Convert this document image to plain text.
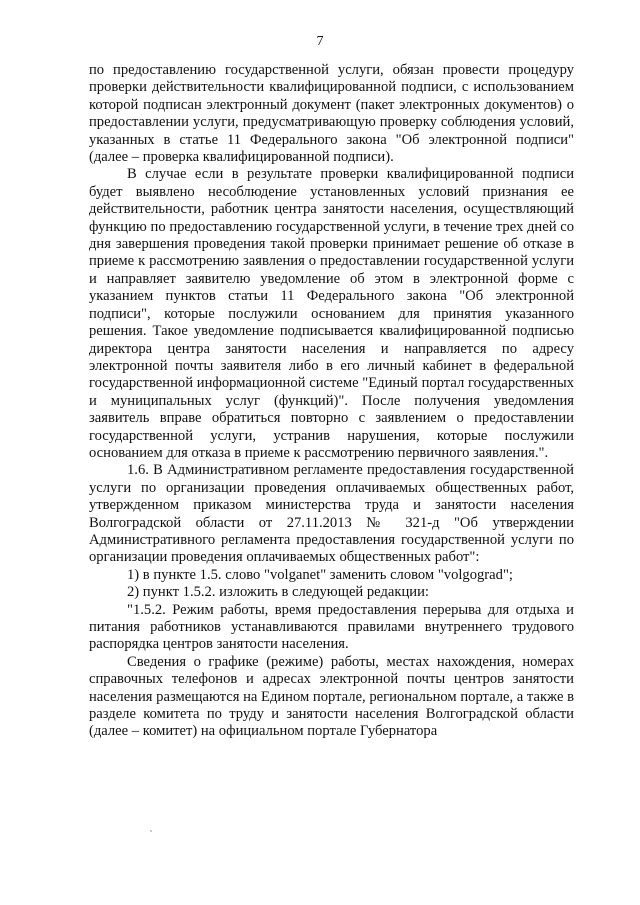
7

по предоставлению государственной услуги, обязан провести процедуру проверки действительности квалифицированной подписи, с использованием которой подписан электронный документ (пакет электронных документов) о предоставлении услуги, предусматривающую проверку соблюдения условий, указанных в статье 11 Федерального закона "Об электронной подписи" (далее – проверка квалифицированной подписи).

В случае если в результате проверки квалифицированной подписи будет выявлено несоблюдение установленных условий признания ее действительности, работник центра занятости населения, осуществляющий функцию по предоставлению государственной услуги, в течение трех дней со дня завершения проведения такой проверки принимает решение об отказе в приеме к рассмотрению заявления о предоставлении государственной услуги и направляет заявителю уведомление об этом в электронной форме с указанием пунктов статьи 11 Федерального закона "Об электронной подписи", которые послужили основанием для принятия указанного решения. Такое уведомление подписывается квалифицированной подписью директора центра занятости населения и направляется по адресу электронной почты заявителя либо в его личный кабинет в федеральной государственной информационной системе "Единый портал государственных и муниципальных услуг (функций)". После получения уведомления заявитель вправе обратиться повторно с заявлением о предоставлении государственной услуги, устранив нарушения, которые послужили основанием для отказа в приеме к рассмотрению первичного заявления.".

1.6. В Административном регламенте предоставления государственной услуги по организации проведения оплачиваемых общественных работ, утвержденном приказом министерства труда и занятости населения Волгоградской области от 27.11.2013 № 321-д "Об утверждении Административного регламента предоставления государственной услуги по организации проведения оплачиваемых общественных работ":

1) в пункте 1.5. слово "volganet" заменить словом "volgograd";

2) пункт 1.5.2. изложить в следующей редакции:

"1.5.2. Режим работы, время предоставления перерыва для отдыха и питания работников устанавливаются правилами внутреннего трудового распорядка центров занятости населения.

Сведения о графике (режиме) работы, местах нахождения, номерах справочных телефонов и адресах электронной почты центров занятости населения размещаются на Едином портале, региональном портале, а также в разделе комитета по труду и занятости населения Волгоградской области (далее – комитет) на официальном портале Губернатора
